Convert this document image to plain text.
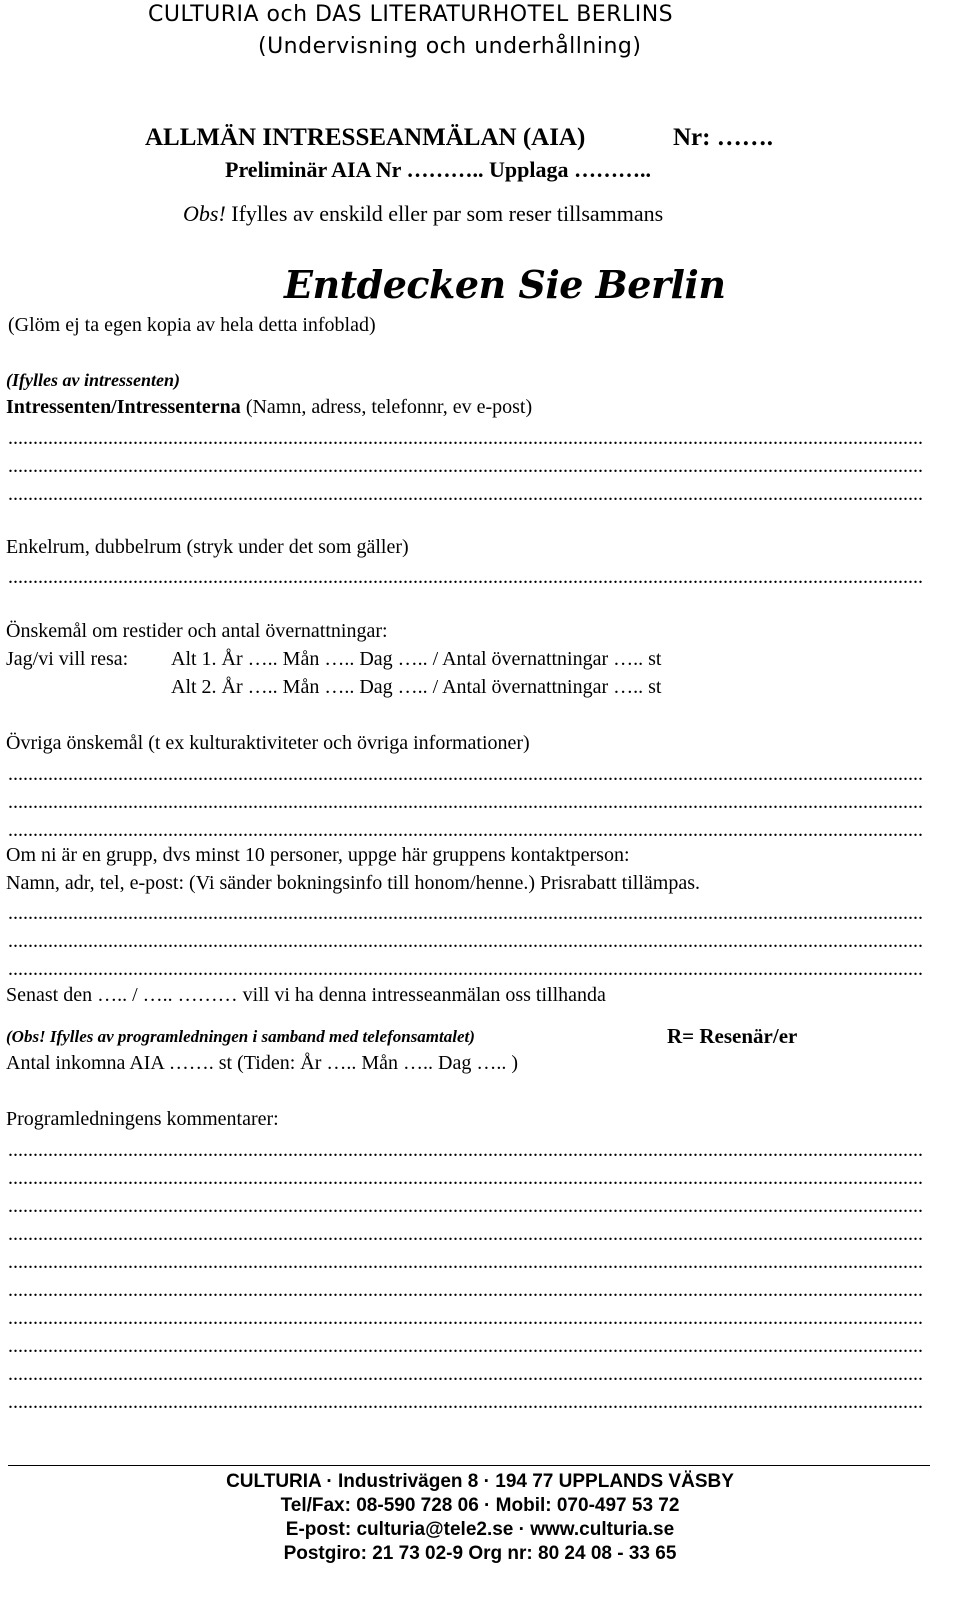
CULTURIA och DAS LITERATURHOTEL BERLINS
(Undervisning och underhållning)
ALLMÄN INTRESSEANMÄLAN (AIA)	Nr: …….
Preliminär AIA Nr ……….. Upplaga ………..
Obs! Ifylles av enskild eller par som reser tillsammans
Entdecken Sie Berlin
(Glöm ej ta egen kopia av hela detta infoblad)
(Ifylles av intressenten)
Intressenten/Intressenterna (Namn, adress, telefonnr, ev e-post)
.....
.....
.....
Enkelrum, dubbelrum (stryk under det som gäller)
.....
Önskemål om restider och antal övernattningar:
Jag/vi vill resa: Alt 1. År ….. Mån ….. Dag ….. / Antal övernattningar ….. st
Alt 2. År ….. Mån ….. Dag ….. / Antal övernattningar ….. st
Övriga önskemål (t ex kulturaktiviteter och övriga informationer)
.....
.....
.....
Om ni är en grupp, dvs minst 10 personer, uppge här gruppens kontaktperson:
Namn, adr, tel, e-post: (Vi sänder bokningsinfo till honom/henne.) Prisrabatt tillämpas.
.....
.....
.....
Senast den ….. / ….. ……… vill vi ha denna intresseanmälan oss tillhanda
(Obs! Ifylles av programledningen i samband med telefonsamtalet)	R= Resenär/er
Antal inkomna AIA ……. st (Tiden: År ….. Mån ….. Dag ….. )
Programledningens kommentarer:
.....
.....
.....
.....
.....
.....
.....
.....
.....
.....
CULTURIA · Industrivägen 8 · 194 77 UPPLANDS VÄSBY
Tel/Fax: 08-590 728 06 · Mobil: 070-497 53 72
E-post: culturia@tele2.se · www.culturia.se
Postgiro: 21 73 02-9 Org nr: 80 24 08 - 33 65
